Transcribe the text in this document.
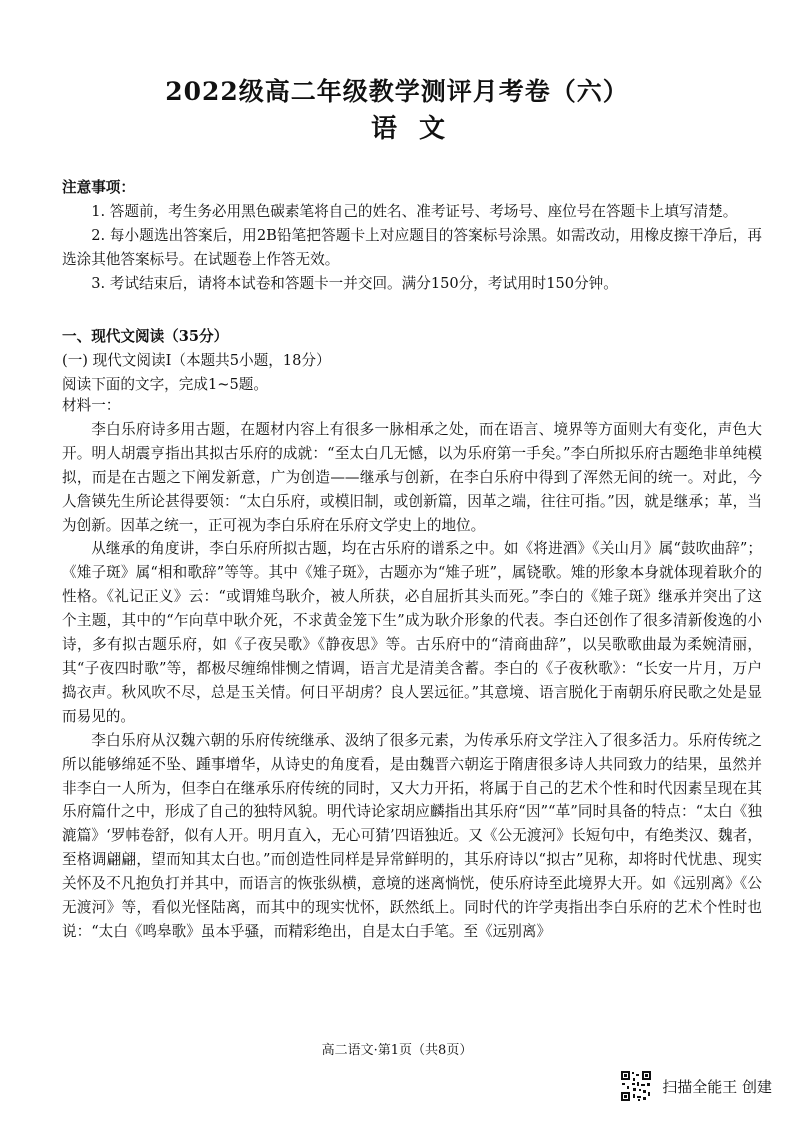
2022级高二年级教学测评月考卷（六）
语文

注意事项：

1. 答题前，考生务必用黑色碳素笔将自己的姓名、准考证号、考场号、座位号在答题卡上填写清楚。

2. 每小题选出答案后，用2B铅笔把答题卡上对应题目的答案标号涂黑。如需改动，用橡皮擦干净后，再选涂其他答案标号。在试题卷上作答无效。

3. 考试结束后，请将本试卷和答题卡一并交回。满分150分，考试用时150分钟。

一、现代文阅读（35分）

(一) 现代文阅读Ⅰ（本题共5小题，18分）

阅读下面的文字，完成1~5题。

材料一：

李白乐府诗多用古题，在题材内容上有很多一脉相承之处，而在语言、境界等方面则大有变化，声色大开。明人胡震亨指出其拟古乐府的成就：“至太白几无憾，以为乐府第一手矣。”李白所拟乐府古题绝非单纯模拟，而是在古题之下阐发新意，广为创造——继承与创新，在李白乐府中得到了浑然无间的统一。对此，今人詹锳先生所论甚得要领：“太白乐府，或模旧制，或创新篇，因革之端，往往可指。”因，就是继承；革，当为创新。因革之统一，正可视为李白乐府在乐府文学史上的地位。

从继承的角度讲，李白乐府所拟古题，均在古乐府的谱系之中。如《将进酒》《关山月》属“鼓吹曲辞”；《雉子斑》属“相和歌辞”等等。其中《雉子斑》，古题亦为“雉子班”，属铙歌。雉的形象本身就体现着耿介的性格。《礼记正义》云：“或谓雉鸟耿介，被人所获，必自屈折其头而死。”李白的《雉子斑》继承并突出了这个主题，其中的“乍向草中耿介死，不求黄金笼下生”成为耿介形象的代表。李白还创作了很多清新俊逸的小诗，多有拟古题乐府，如《子夜吴歌》《静夜思》等。古乐府中的“清商曲辞”，以吴歌歌曲最为柔婉清丽，其“子夜四时歌”等，都极尽缠绵悱恻之情调，语言尤是清美含蓄。李白的《子夜秋歌》：“长安一片月，万户捣衣声。秋风吹不尽，总是玉关情。何日平胡虏？良人罢远征。”其意境、语言脱化于南朝乐府民歌之处是显而易见的。

李白乐府从汉魏六朝的乐府传统继承、汲纳了很多元素，为传承乐府文学注入了很多活力。乐府传统之所以能够绵延不坠、踵事增华，从诗史的角度看，是由魏晋六朝迄于隋唐很多诗人共同致力的结果，虽然并非李白一人所为，但李白在继承乐府传统的同时，又大力开拓，将属于自己的艺术个性和时代因素呈现在其乐府篇什之中，形成了自己的独特风貌。明代诗论家胡应麟指出其乐府“因”“革”同时具备的特点：“太白《独漉篇》‘罗帏卷舒，似有人开。明月直入，无心可猜’四语独近。又《公无渡河》长短句中，有绝类汉、魏者，至格调翩翩，望而知其太白也。”而创造性同样是异常鲜明的，其乐府诗以“拟古”见称，却将时代忧患、现实关怀及不凡抱负打并其中，而语言的恢张纵横，意境的迷离惝恍，使乐府诗至此境界大开。如《远别离》《公无渡河》等，看似光怪陆离，而其中的现实忧怀，跃然纸上。同时代的许学夷指出李白乐府的艺术个性时也说：“太白《鸣皋歌》虽本乎骚，而精彩绝出，自是太白手笔。至《远别离》

高二语文·第1页（共8页）
扫描全能王 创建
